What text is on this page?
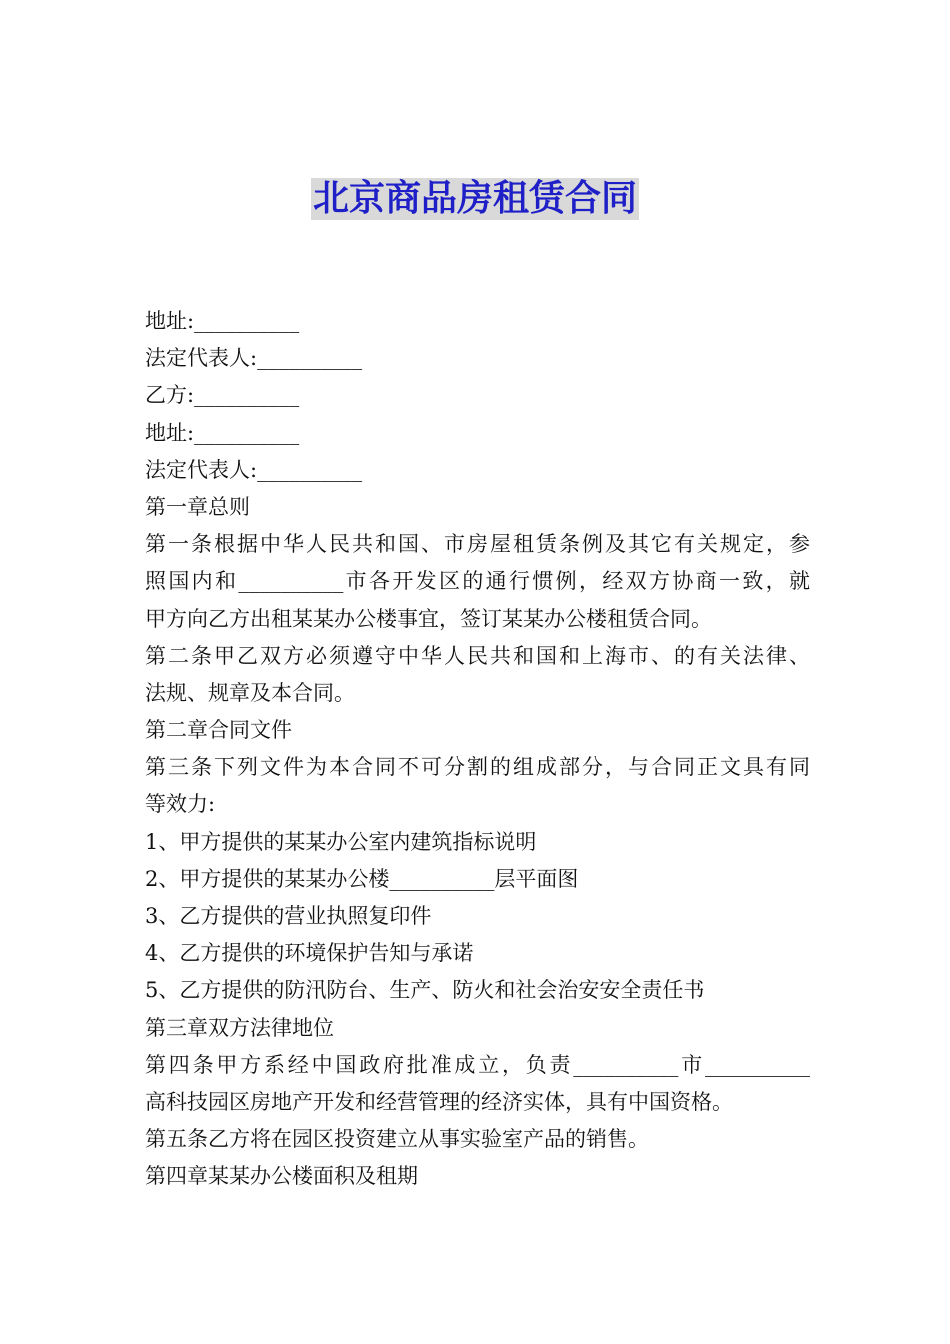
北京商品房租赁合同
地址:__________
法定代表人:__________
乙方:__________
地址:__________
法定代表人:__________
第一章总则
第一条根据中华人民共和国、市房屋租赁条例及其它有关规定，参
照国内和__________市各开发区的通行惯例，经双方协商一致，就
甲方向乙方出租某某办公楼事宜，签订某某办公楼租赁合同。
第二条甲乙双方必须遵守中华人民共和国和上海市、的有关法律、
法规、规章及本合同。
第二章合同文件
第三条下列文件为本合同不可分割的组成部分，与合同正文具有同
等效力:
1、甲方提供的某某办公室内建筑指标说明
2、甲方提供的某某办公楼__________层平面图
3、乙方提供的营业执照复印件
4、乙方提供的环境保护告知与承诺
5、乙方提供的防汛防台、生产、防火和社会治安安全责任书
第三章双方法律地位
第四条甲方系经中国政府批准成立，负责__________市__________
高科技园区房地产开发和经营管理的经济实体，具有中国资格。
第五条乙方将在园区投资建立从事实验室产品的销售。
第四章某某办公楼面积及租期
